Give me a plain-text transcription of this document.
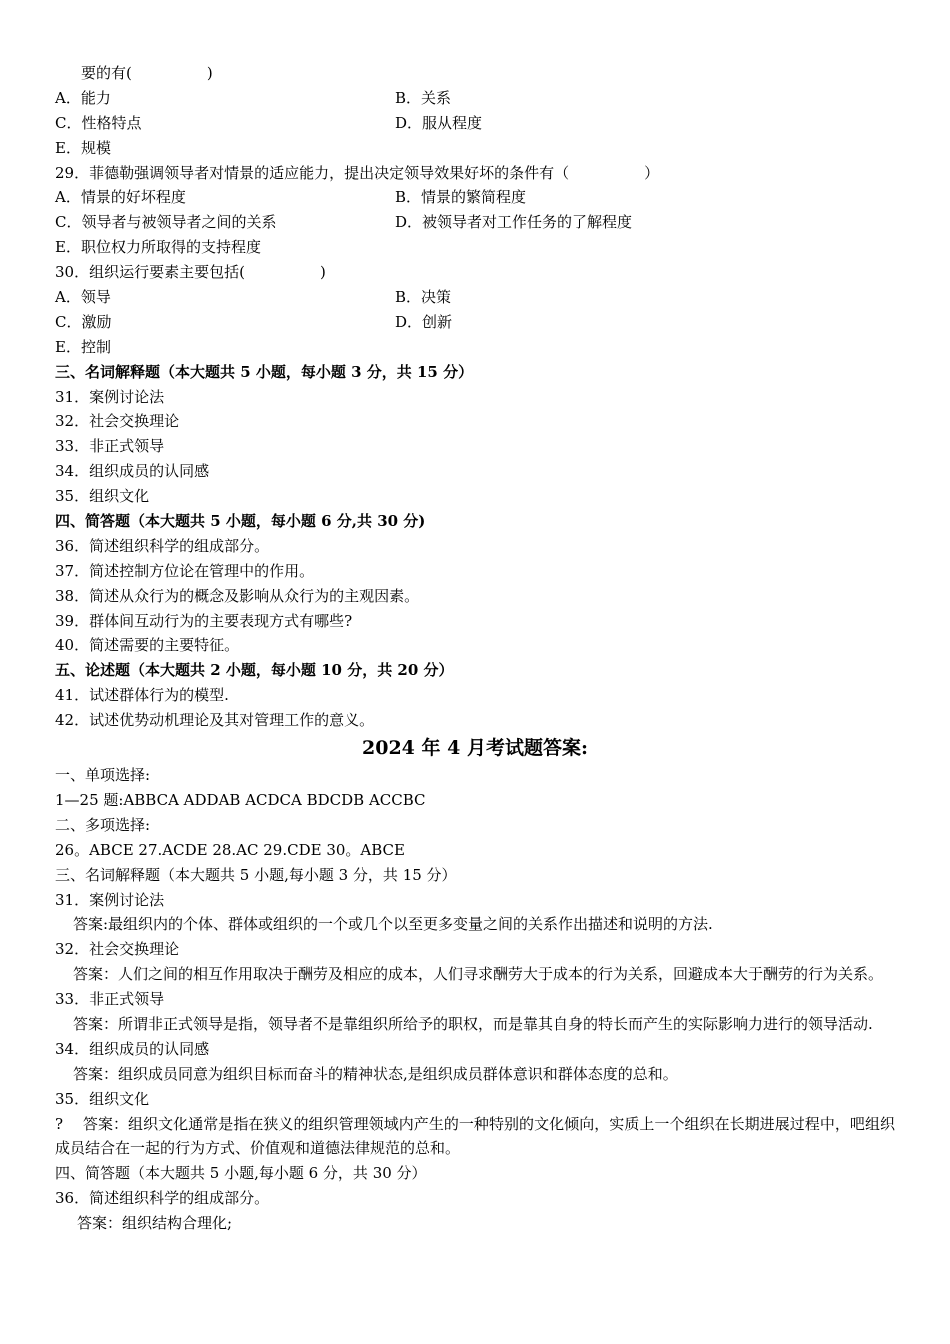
要的有(　　　　　)
A．能力	B．关系
C．性格特点	D．服从程度
E．规模
29．菲德勒强调领导者对情景的适应能力，提出决定领导效果好坏的条件有（　　　　　）
A．情景的好坏程度	B．情景的繁简程度
C．领导者与被领导者之间的关系	D．被领导者对工作任务的了解程度
E．职位权力所取得的支持程度
30．组织运行要素主要包括(　　　　　)
A．领导	B．决策
C．激励	D．创新
E．控制
三、名词解释题（本大题共 5 小题，每小题 3 分，共 15 分）
31．案例讨论法
32．社会交换理论
33．非正式领导
34．组织成员的认同感
35．组织文化
四、简答题（本大题共 5 小题，每小题 6 分,共 30 分)
36．简述组织科学的组成部分。
37．简述控制方位论在管理中的作用。
38．简述从众行为的概念及影响从众行为的主观因素。
39．群体间互动行为的主要表现方式有哪些?
40．简述需要的主要特征。
五、论述题（本大题共 2 小题，每小题 10 分，共 20 分）
41．试述群体行为的模型.
42．试述优势动机理论及其对管理工作的意义。
2024 年 4 月考试题答案:
一、单项选择:
1—25 题:ABBCA ADDAB ACDCA BDCDB ACCBC
二、多项选择:
26。ABCE 27.ACDE 28.AC 29.CDE 30。ABCE
三、名词解释题（本大题共 5 小题,每小题 3 分，共 15 分）
31．案例讨论法
答案:最组织内的个体、群体或组织的一个或几个以至更多变量之间的关系作出描述和说明的方法.
32．社会交换理论
答案：人们之间的相互作用取决于酬劳及相应的成本，人们寻求酬劳大于成本的行为关系，回避成本大于酬劳的行为关系。
33．非正式领导
答案：所谓非正式领导是指，领导者不是靠组织所给予的职权，而是靠其自身的特长而产生的实际影响力进行的领导活动.
34．组织成员的认同感
答案：组织成员同意为组织目标而奋斗的精神状态,是组织成员群体意识和群体态度的总和。
35．组织文化
?　 答案：组织文化通常是指在狭义的组织管理领域内产生的一种特别的文化倾向，实质上一个组织在长期进展过程中，吧组织成员结合在一起的行为方式、价值观和道德法律规范的总和。
四、简答题（本大题共 5 小题,每小题 6 分，共 30 分）
36．简述组织科学的组成部分。
答案：组织结构合理化;
